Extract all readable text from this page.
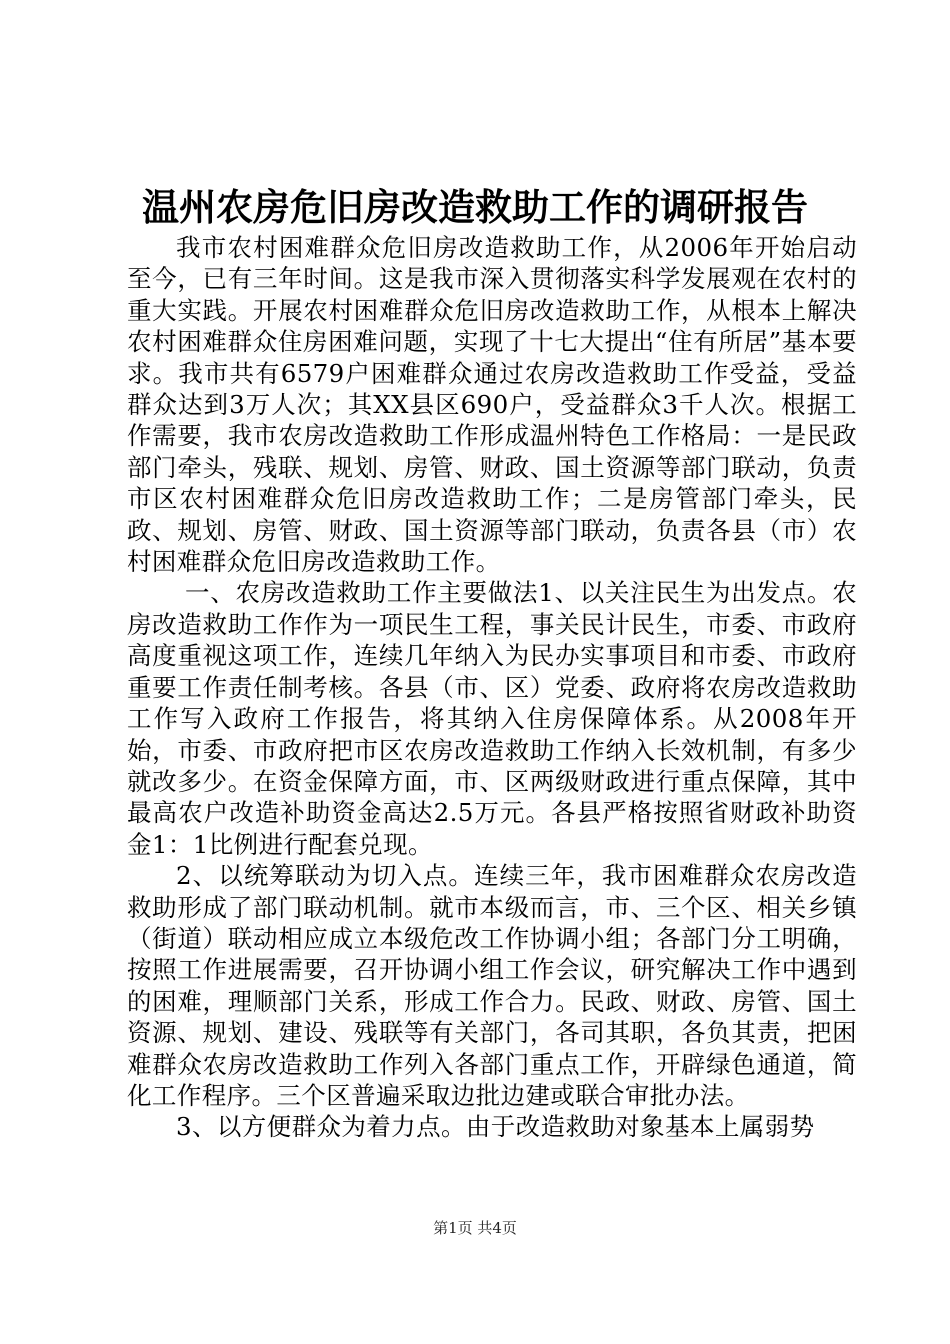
温州农房危旧房改造救助工作的调研报告

我市农村困难群众危旧房改造救助工作，从2006年开始启动至今，已有三年时间。这是我市深入贯彻落实科学发展观在农村的重大实践。开展农村困难群众危旧房改造救助工作，从根本上解决农村困难群众住房困难问题，实现了十七大提出“住有所居”基本要求。我市共有6579户困难群众通过农房改造救助工作受益，受益群众达到3万人次；其XX县区690户，受益群众3千人次。根据工作需要，我市农房改造救助工作形成温州特色工作格局：一是民政部门牵头，残联、规划、房管、财政、国土资源等部门联动，负责市区农村困难群众危旧房改造救助工作；二是房管部门牵头，民政、规划、房管、财政、国土资源等部门联动，负责各县（市）农村困难群众危旧房改造救助工作。

一、农房改造救助工作主要做法1、以关注民生为出发点。农房改造救助工作作为一项民生工程，事关民计民生，市委、市政府高度重视这项工作，连续几年纳入为民办实事项目和市委、市政府重要工作责任制考核。各县（市、区）党委、政府将农房改造救助工作写入政府工作报告，将其纳入住房保障体系。从2008年开始，市委、市政府把市区农房改造救助工作纳入长效机制，有多少就改多少。在资金保障方面，市、区两级财政进行重点保障，其中最高农户改造补助资金高达2.5万元。各县严格按照省财政补助资金1：1比例进行配套兑现。

2、以统筹联动为切入点。连续三年，我市困难群众农房改造救助形成了部门联动机制。就市本级而言，市、三个区、相关乡镇（街道）联动相应成立本级危改工作协调小组；各部门分工明确，按照工作进展需要，召开协调小组工作会议，研究解决工作中遇到的困难，理顺部门关系，形成工作合力。民政、财政、房管、国土资源、规划、建设、残联等有关部门，各司其职，各负其责，把困难群众农房改造救助工作列入各部门重点工作，开辟绿色通道，简化工作程序。三个区普遍采取边批边建或联合审批办法。

3、以方便群众为着力点。由于改造救助对象基本上属弱势

第1页 共4页
